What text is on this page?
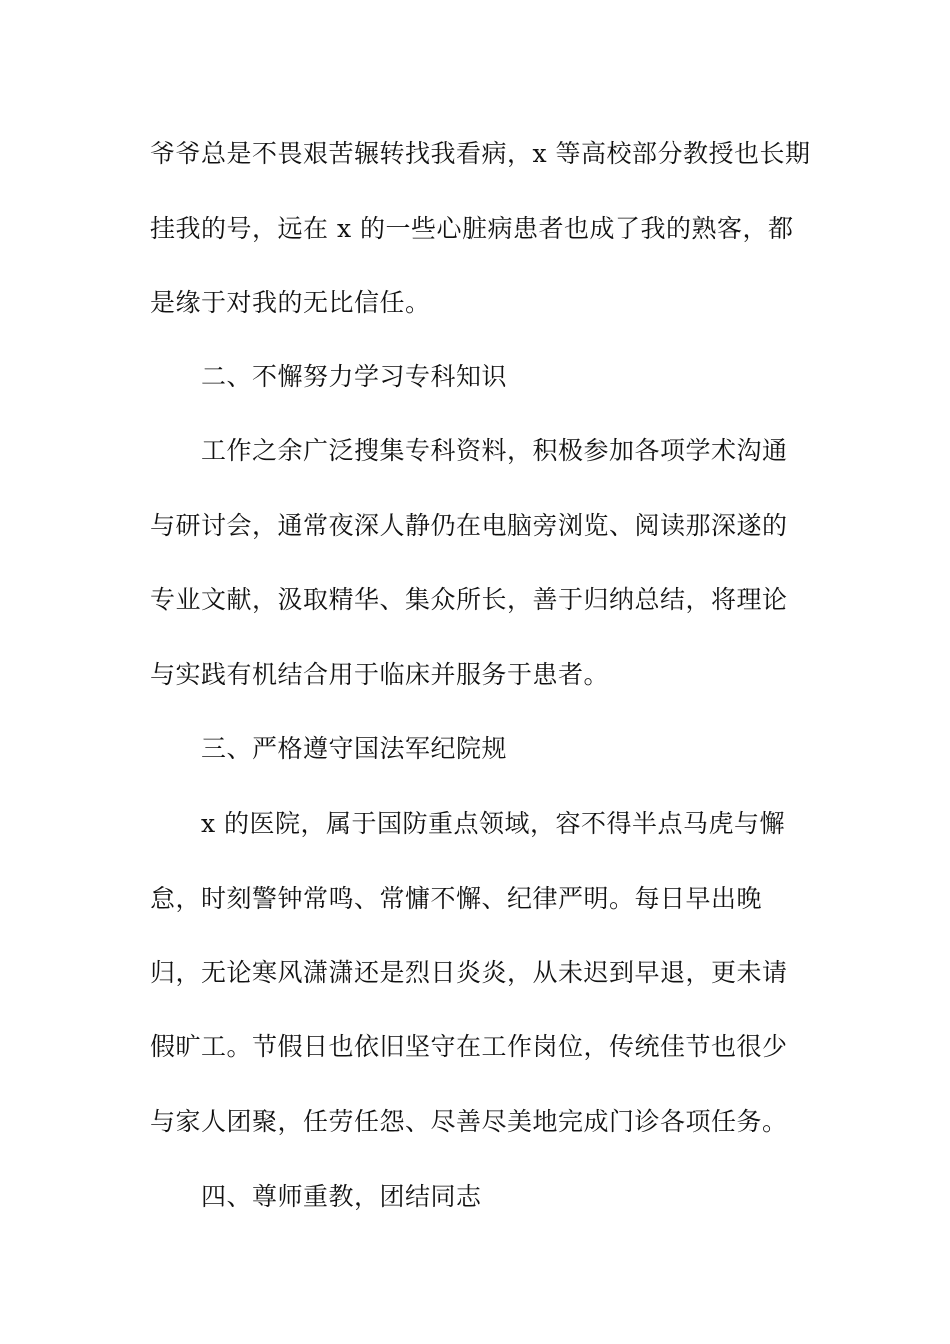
爷爷总是不畏艰苦辗转找我看病，x 等高校部分教授也长期
挂我的号，远在 x 的一些心脏病患者也成了我的熟客，都
是缘于对我的无比信任。
二、不懈努力学习专科知识
工作之余广泛搜集专科资料，积极参加各项学术沟通
与研讨会，通常夜深人静仍在电脑旁浏览、阅读那深遂的
专业文献，汲取精华、集众所长，善于归纳总结，将理论
与实践有机结合用于临床并服务于患者。
三、严格遵守国法军纪院规
x 的医院，属于国防重点领域，容不得半点马虎与懈
怠，时刻警钟常鸣、常慵不懈、纪律严明。每日早出晚
归，无论寒风潇潇还是烈日炎炎，从未迟到早退，更未请
假旷工。节假日也依旧坚守在工作岗位，传统佳节也很少
与家人团聚，任劳任怨、尽善尽美地完成门诊各项任务。
四、尊师重教，团结同志
